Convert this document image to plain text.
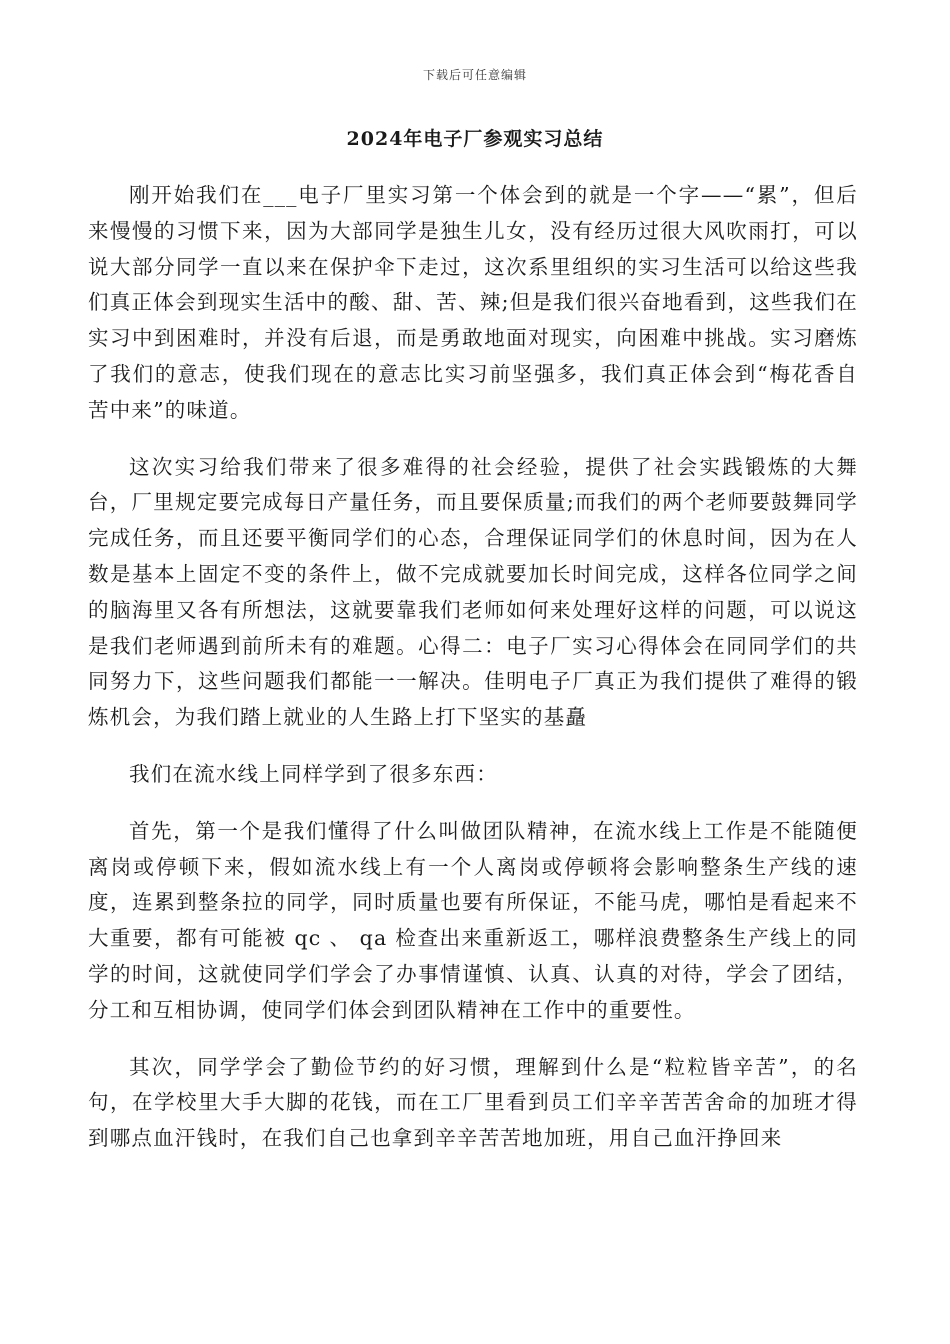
下载后可任意编辑
2024年电子厂参观实习总结

刚开始我们在___电子厂里实习第一个体会到的就是一个字——“累”，但后来慢慢的习惯下来，因为大部同学是独生儿女，没有经历过很大风吹雨打，可以说大部分同学一直以来在保护伞下走过，这次系里组织的实习生活可以给这些我们真正体会到现实生活中的酸、甜、苦、辣;但是我们很兴奋地看到，这些我们在实习中到困难时，并没有后退，而是勇敢地面对现实，向困难中挑战。实习磨炼了我们的意志，使我们现在的意志比实习前坚强多，我们真正体会到“梅花香自苦中来”的味道。

这次实习给我们带来了很多难得的社会经验，提供了社会实践锻炼的大舞台，厂里规定要完成每日产量任务，而且要保质量;而我们的两个老师要鼓舞同学完成任务，而且还要平衡同学们的心态，合理保证同学们的休息时间，因为在人数是基本上固定不变的条件上，做不完成就要加长时间完成，这样各位同学之间的脑海里又各有所想法，这就要靠我们老师如何来处理好这样的问题，可以说这是我们老师遇到前所未有的难题。心得二：电子厂实习心得体会在同同学们的共同努力下，这些问题我们都能一一解决。佳明电子厂真正为我们提供了难得的锻炼机会，为我们踏上就业的人生路上打下坚实的基矗

我们在流水线上同样学到了很多东西：

首先，第一个是我们懂得了什么叫做团队精神，在流水线上工作是不能随便离岗或停顿下来，假如流水线上有一个人离岗或停顿将会影响整条生产线的速度，连累到整条拉的同学，同时质量也要有所保证，不能马虎，哪怕是看起来不大重要，都有可能被 qc 、 qa 检查出来重新返工，哪样浪费整条生产线上的同学的时间，这就使同学们学会了办事情谨慎、认真、认真的对待，学会了团结，分工和互相协调，使同学们体会到团队精神在工作中的重要性。

其次，同学学会了勤俭节约的好习惯，理解到什么是“粒粒皆辛苦”，的名句，在学校里大手大脚的花钱，而在工厂里看到员工们辛辛苦苦舍命的加班才得到哪点血汗钱时，在我们自己也拿到辛辛苦苦地加班，用自己血汗挣回来
